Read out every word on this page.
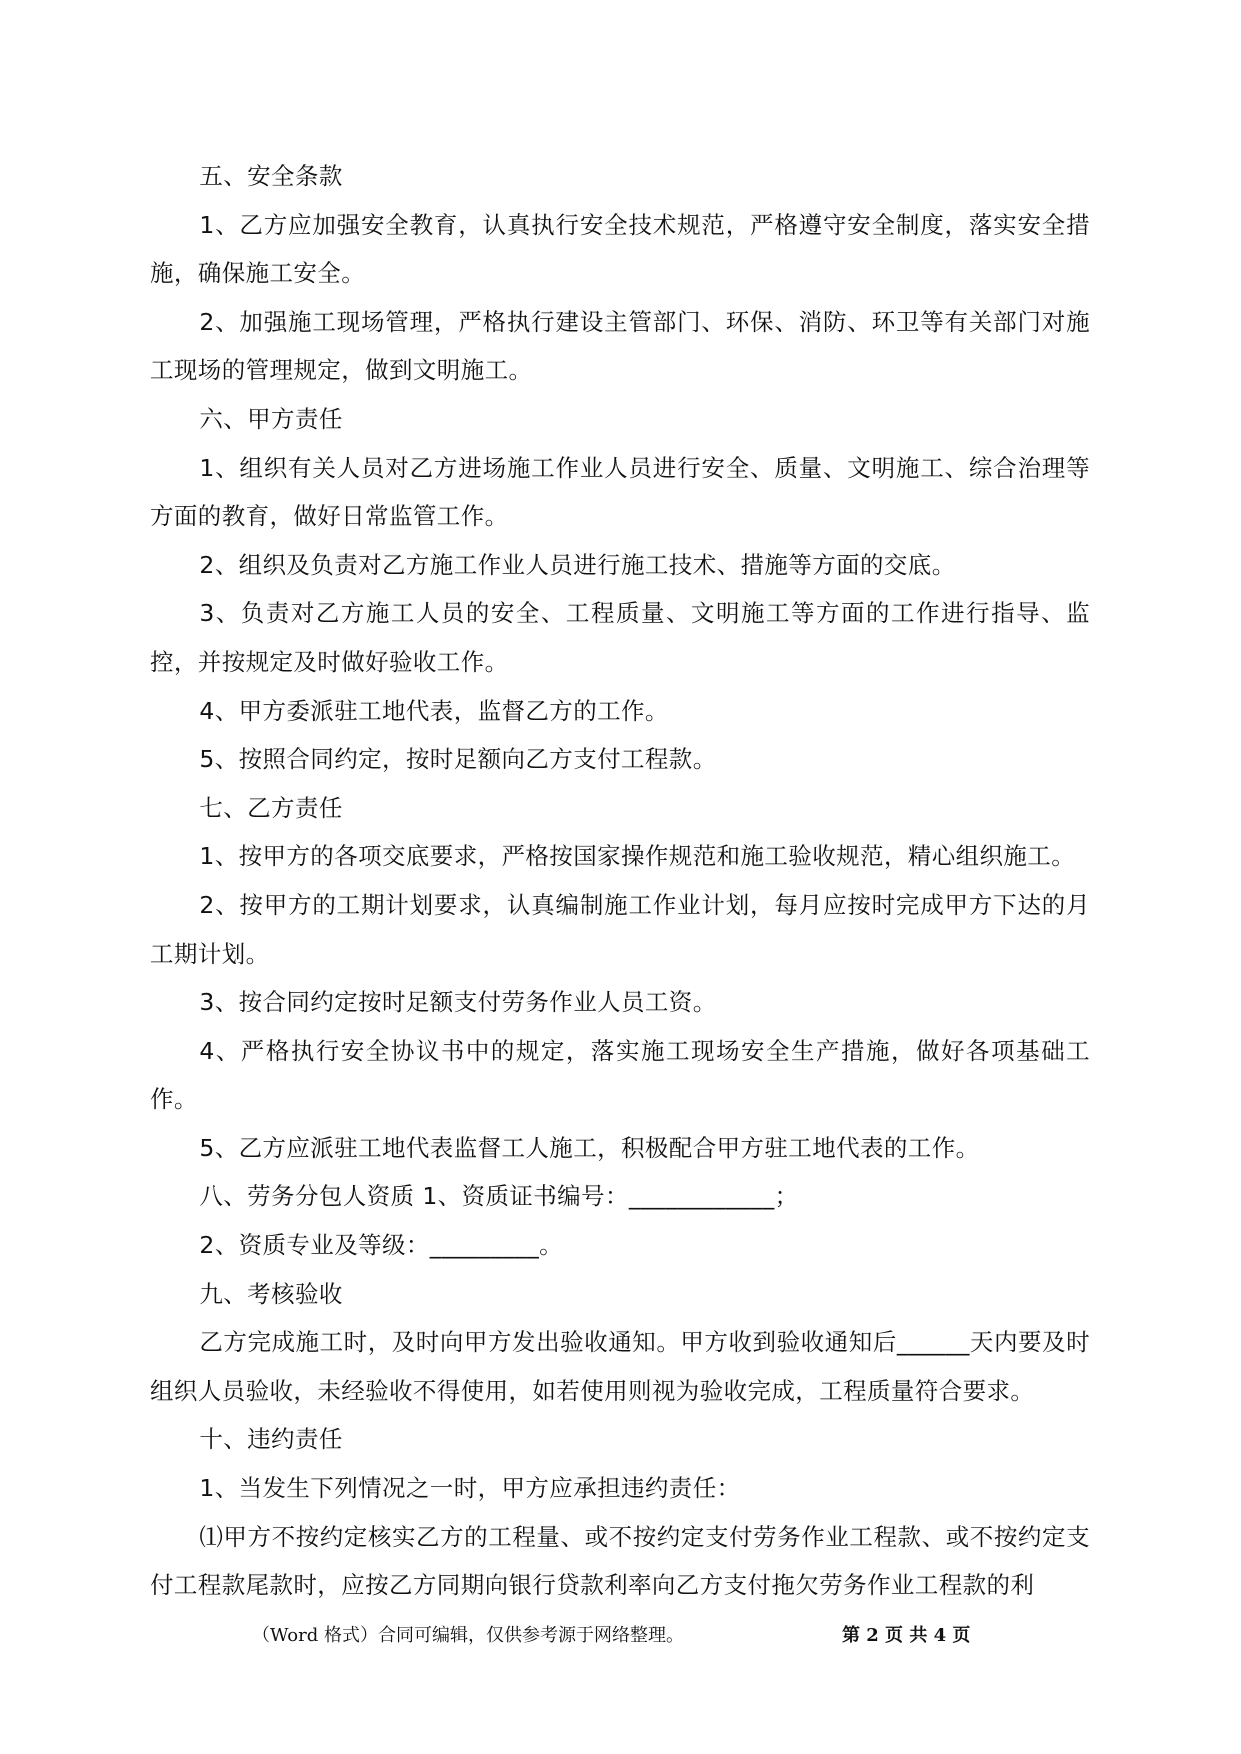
五、安全条款

1、乙方应加强安全教育，认真执行安全技术规范，严格遵守安全制度，落实安全措施，确保施工安全。

2、加强施工现场管理，严格执行建设主管部门、环保、消防、环卫等有关部门对施工现场的管理规定，做到文明施工。

六、甲方责任

1、组织有关人员对乙方进场施工作业人员进行安全、质量、文明施工、综合治理等方面的教育，做好日常监管工作。

2、组织及负责对乙方施工作业人员进行施工技术、措施等方面的交底。

3、负责对乙方施工人员的安全、工程质量、文明施工等方面的工作进行指导、监控，并按规定及时做好验收工作。

4、甲方委派驻工地代表，监督乙方的工作。

5、按照合同约定，按时足额向乙方支付工程款。

七、乙方责任

1、按甲方的各项交底要求，严格按国家操作规范和施工验收规范，精心组织施工。

2、按甲方的工期计划要求，认真编制施工作业计划，每月应按时完成甲方下达的月工期计划。

3、按合同约定按时足额支付劳务作业人员工资。

4、严格执行安全协议书中的规定，落实施工现场安全生产措施，做好各项基础工作。

5、乙方应派驻工地代表监督工人施工，积极配合甲方驻工地代表的工作。

八、劳务分包人资质 1、资质证书编号：____________；

2、资质专业及等级：_________。

九、考核验收

乙方完成施工时，及时向甲方发出验收通知。甲方收到验收通知后______天内要及时组织人员验收，未经验收不得使用，如若使用则视为验收完成，工程质量符合要求。

十、违约责任

1、当发生下列情况之一时，甲方应承担违约责任：

⑴甲方不按约定核实乙方的工程量、或不按约定支付劳务作业工程款、或不按约定支付工程款尾款时，应按乙方同期向银行贷款利率向乙方支付拖欠劳务作业工程款的利

（Word 格式）合同可编辑，仅供参考源于网络整理。	第 2 页 共 4 页
